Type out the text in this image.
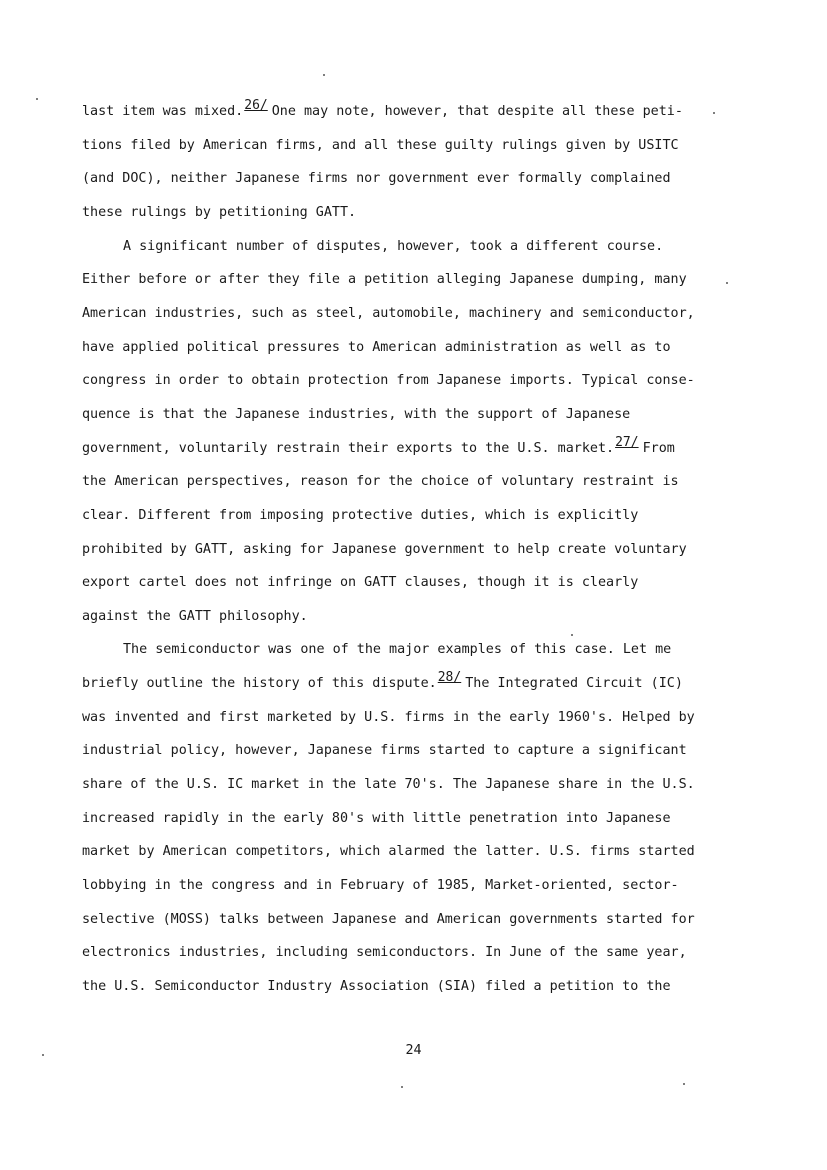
last item was mixed.26/ One may note, however, that despite all these peti-
tions filed by American firms, and all these guilty rulings given by USITC
(and DOC), neither Japanese firms nor government ever formally complained
these rulings by petitioning GATT.
A significant number of disputes, however, took a different course.
Either before or after they file a petition alleging Japanese dumping, many
American industries, such as steel, automobile, machinery and semiconductor,
have applied political pressures to American administration as well as to
congress in order to obtain protection from Japanese imports. Typical conse-
quence is that the Japanese industries, with the support of Japanese
government, voluntarily restrain their exports to the U.S. market.27/ From
the American perspectives, reason for the choice of voluntary restraint is
clear. Different from imposing protective duties, which is explicitly
prohibited by GATT, asking for Japanese government to help create voluntary
export cartel does not infringe on GATT clauses, though it is clearly
against the GATT philosophy.
The semiconductor was one of the major examples of this case. Let me
briefly outline the history of this dispute.28/ The Integrated Circuit (IC)
was invented and first marketed by U.S. firms in the early 1960's. Helped by
industrial policy, however, Japanese firms started to capture a significant
share of the U.S. IC market in the late 70's. The Japanese share in the U.S.
increased rapidly in the early 80's with little penetration into Japanese
market by American competitors, which alarmed the latter. U.S. firms started
lobbying in the congress and in February of 1985, Market-oriented, sector-
selective (MOSS) talks between Japanese and American governments started for
electronics industries, including semiconductors. In June of the same year,
the U.S. Semiconductor Industry Association (SIA) filed a petition to the
24
